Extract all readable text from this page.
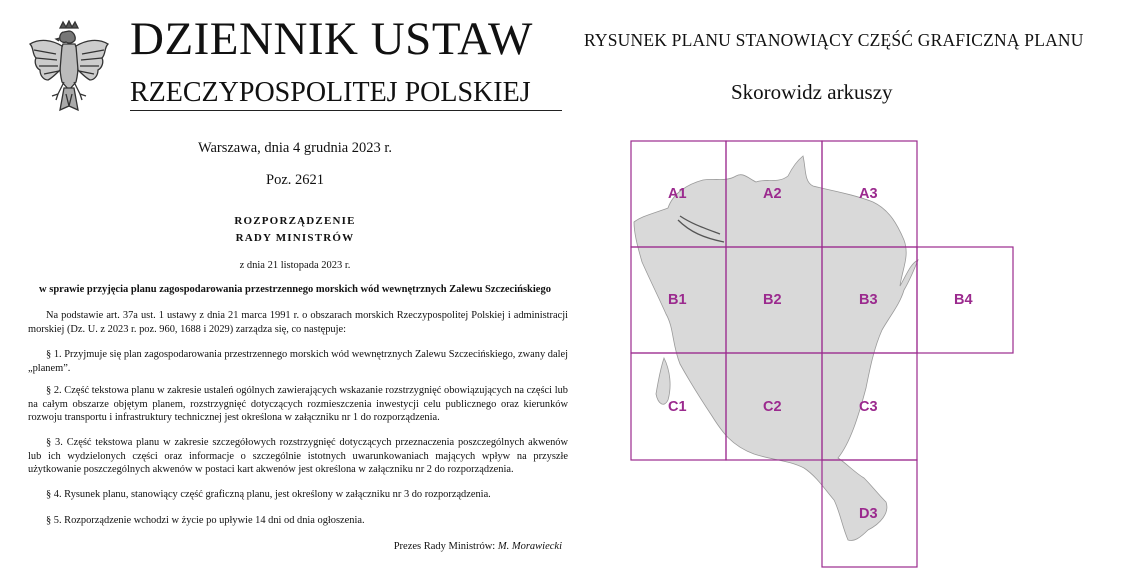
DZIENNIK USTAW
RZECZYPOSPOLITEJ POLSKIEJ
Warszawa, dnia 4 grudnia 2023 r.
Poz. 2621
ROZPORZĄDZENIE
RADY MINISTRÓW
z dnia 21 listopada 2023 r.
w sprawie przyjęcia planu zagospodarowania przestrzennego morskich wód wewnętrznych Zalewu Szczecińskiego

Na podstawie art. 37a ust. 1 ustawy z dnia 21 marca 1991 r. o obszarach morskich Rzeczypospolitej Polskiej i administracji morskiej (Dz. U. z 2023 r. poz. 960, 1688 i 2029) zarządza się, co następuje:

§ 1. Przyjmuje się plan zagospodarowania przestrzennego morskich wód wewnętrznych Zalewu Szczecińskiego, zwany dalej „planem”.

§ 2. Część tekstowa planu w zakresie ustaleń ogólnych zawierających wskazanie rozstrzygnięć obowiązujących na części lub na całym obszarze objętym planem, rozstrzygnięć dotyczących rozmieszczenia inwestycji celu publicznego oraz kierunków rozwoju transportu i infrastruktury technicznej jest określona w załączniku nr 1 do rozporządzenia.

§ 3. Część tekstowa planu w zakresie szczegółowych rozstrzygnięć dotyczących przeznaczenia poszczególnych akwenów lub ich wydzielonych części oraz informacje o szczególnie istotnych uwarunkowaniach mających wpływ na przyszłe użytkowanie poszczególnych akwenów w postaci kart akwenów jest określona w załączniku nr 2 do rozporządzenia.

§ 4. Rysunek planu, stanowiący część graficzną planu, jest określony w załączniku nr 3 do rozporządzenia.

§ 5. Rozporządzenie wchodzi w życie po upływie 14 dni od dnia ogłoszenia.

Prezes Rady Ministrów: M. Morawiecki
RYSUNEK PLANU STANOWIĄCY CZĘŚĆ GRAFICZNĄ PLANU
Skorowidz arkuszy
A1	A2	A3
B1	B2	B3	B4
C1	C2	C3
D3
